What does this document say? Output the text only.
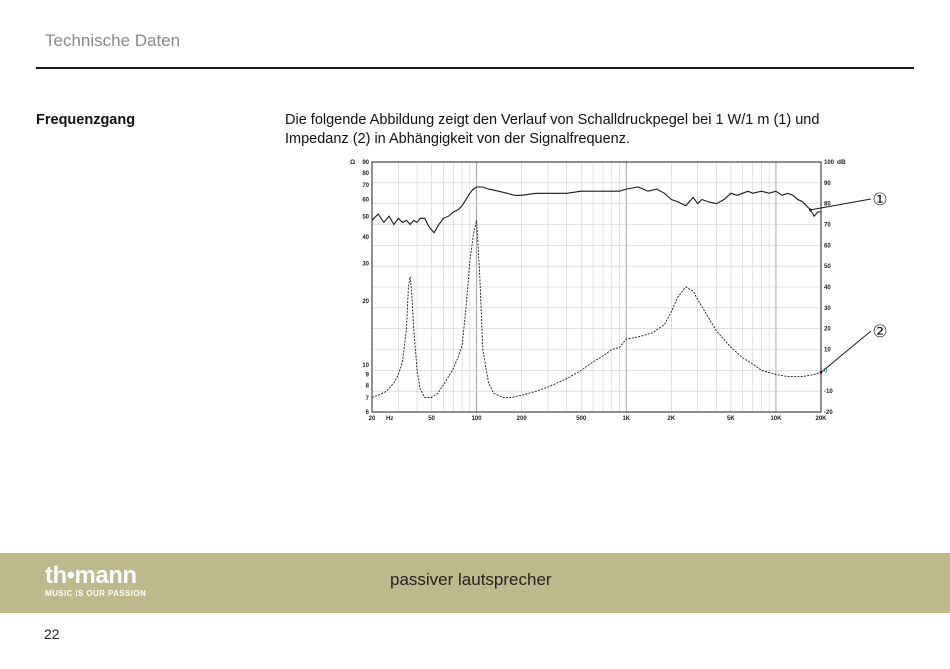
Technische Daten
Frequenzgang	Die folgende Abbildung zeigt den Verlauf von Schalldruckpegel bei 1 W/1 m (1) und Impedanz (2) in Abhängigkeit von der Signalfrequenz.
20	50	100	200	500	1K	2K	5K	10K	20K
Hz
6
7
8
9
10
20
30
40
50
60
70
80
90
Ω
-20
-10
0
10
20
30
40
50
60
70
80
90
100 dB
①
②
th•mann
MUSIC IS OUR PASSION
passiver lautsprecher
22
